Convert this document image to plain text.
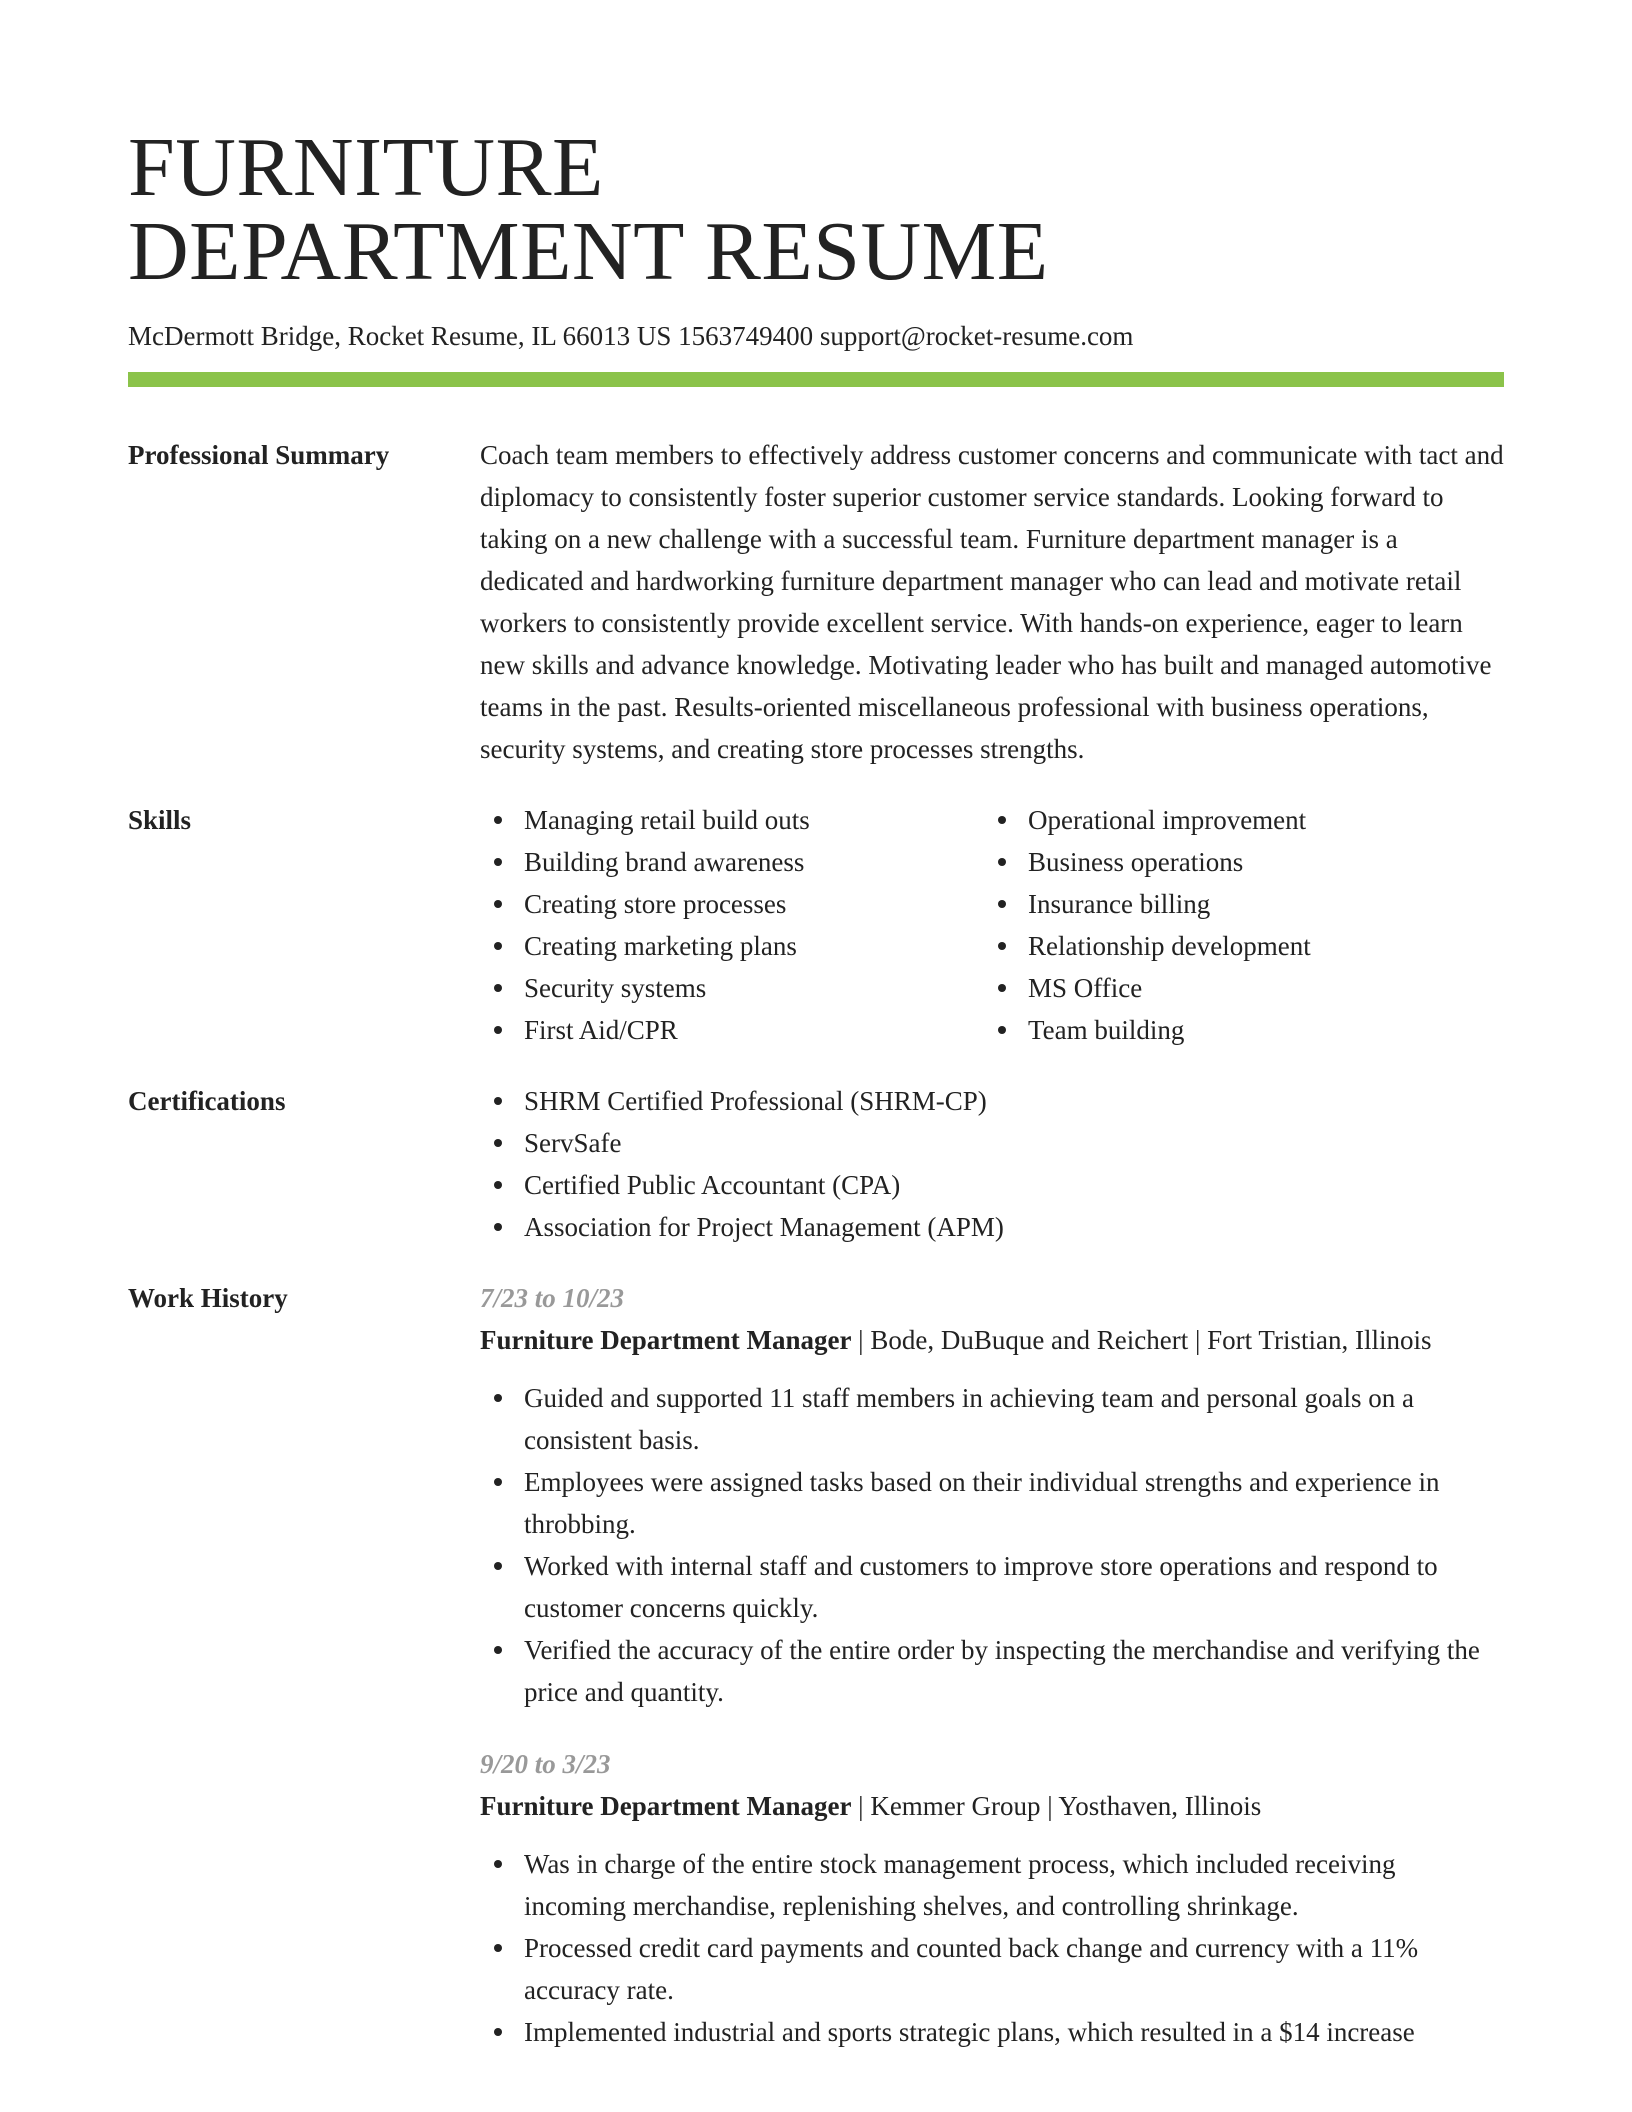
FURNITURE
DEPARTMENT RESUME
McDermott Bridge, Rocket Resume, IL 66013 US 1563749400 support@rocket-resume.com
Professional Summary	Coach team members to effectively address customer concerns and communicate with tact and diplomacy to consistently foster superior customer service standards. Looking forward to taking on a new challenge with a successful team. Furniture department manager is a dedicated and hardworking furniture department manager who can lead and motivate retail workers to consistently provide excellent service. With hands-on experience, eager to learn new skills and advance knowledge. Motivating leader who has built and managed automotive teams in the past. Results-oriented miscellaneous professional with business operations, security systems, and creating store processes strengths.
Skills	Managing retail build outs
Building brand awareness
Creating store processes
Creating marketing plans
Security systems
First Aid/CPR
Operational improvement
Business operations
Insurance billing
Relationship development
MS Office
Team building
Certifications	SHRM Certified Professional (SHRM-CP)
ServSafe
Certified Public Accountant (CPA)
Association for Project Management (APM)
Work History	7/23 to 10/23
Furniture Department Manager | Bode, DuBuque and Reichert | Fort Tristian, Illinois
Guided and supported 11 staff members in achieving team and personal goals on a consistent basis.
Employees were assigned tasks based on their individual strengths and experience in throbbing.
Worked with internal staff and customers to improve store operations and respond to customer concerns quickly.
Verified the accuracy of the entire order by inspecting the merchandise and verifying the price and quantity.
9/20 to 3/23
Furniture Department Manager | Kemmer Group | Yosthaven, Illinois
Was in charge of the entire stock management process, which included receiving incoming merchandise, replenishing shelves, and controlling shrinkage.
Processed credit card payments and counted back change and currency with a 11% accuracy rate.
Implemented industrial and sports strategic plans, which resulted in a $14 increase
